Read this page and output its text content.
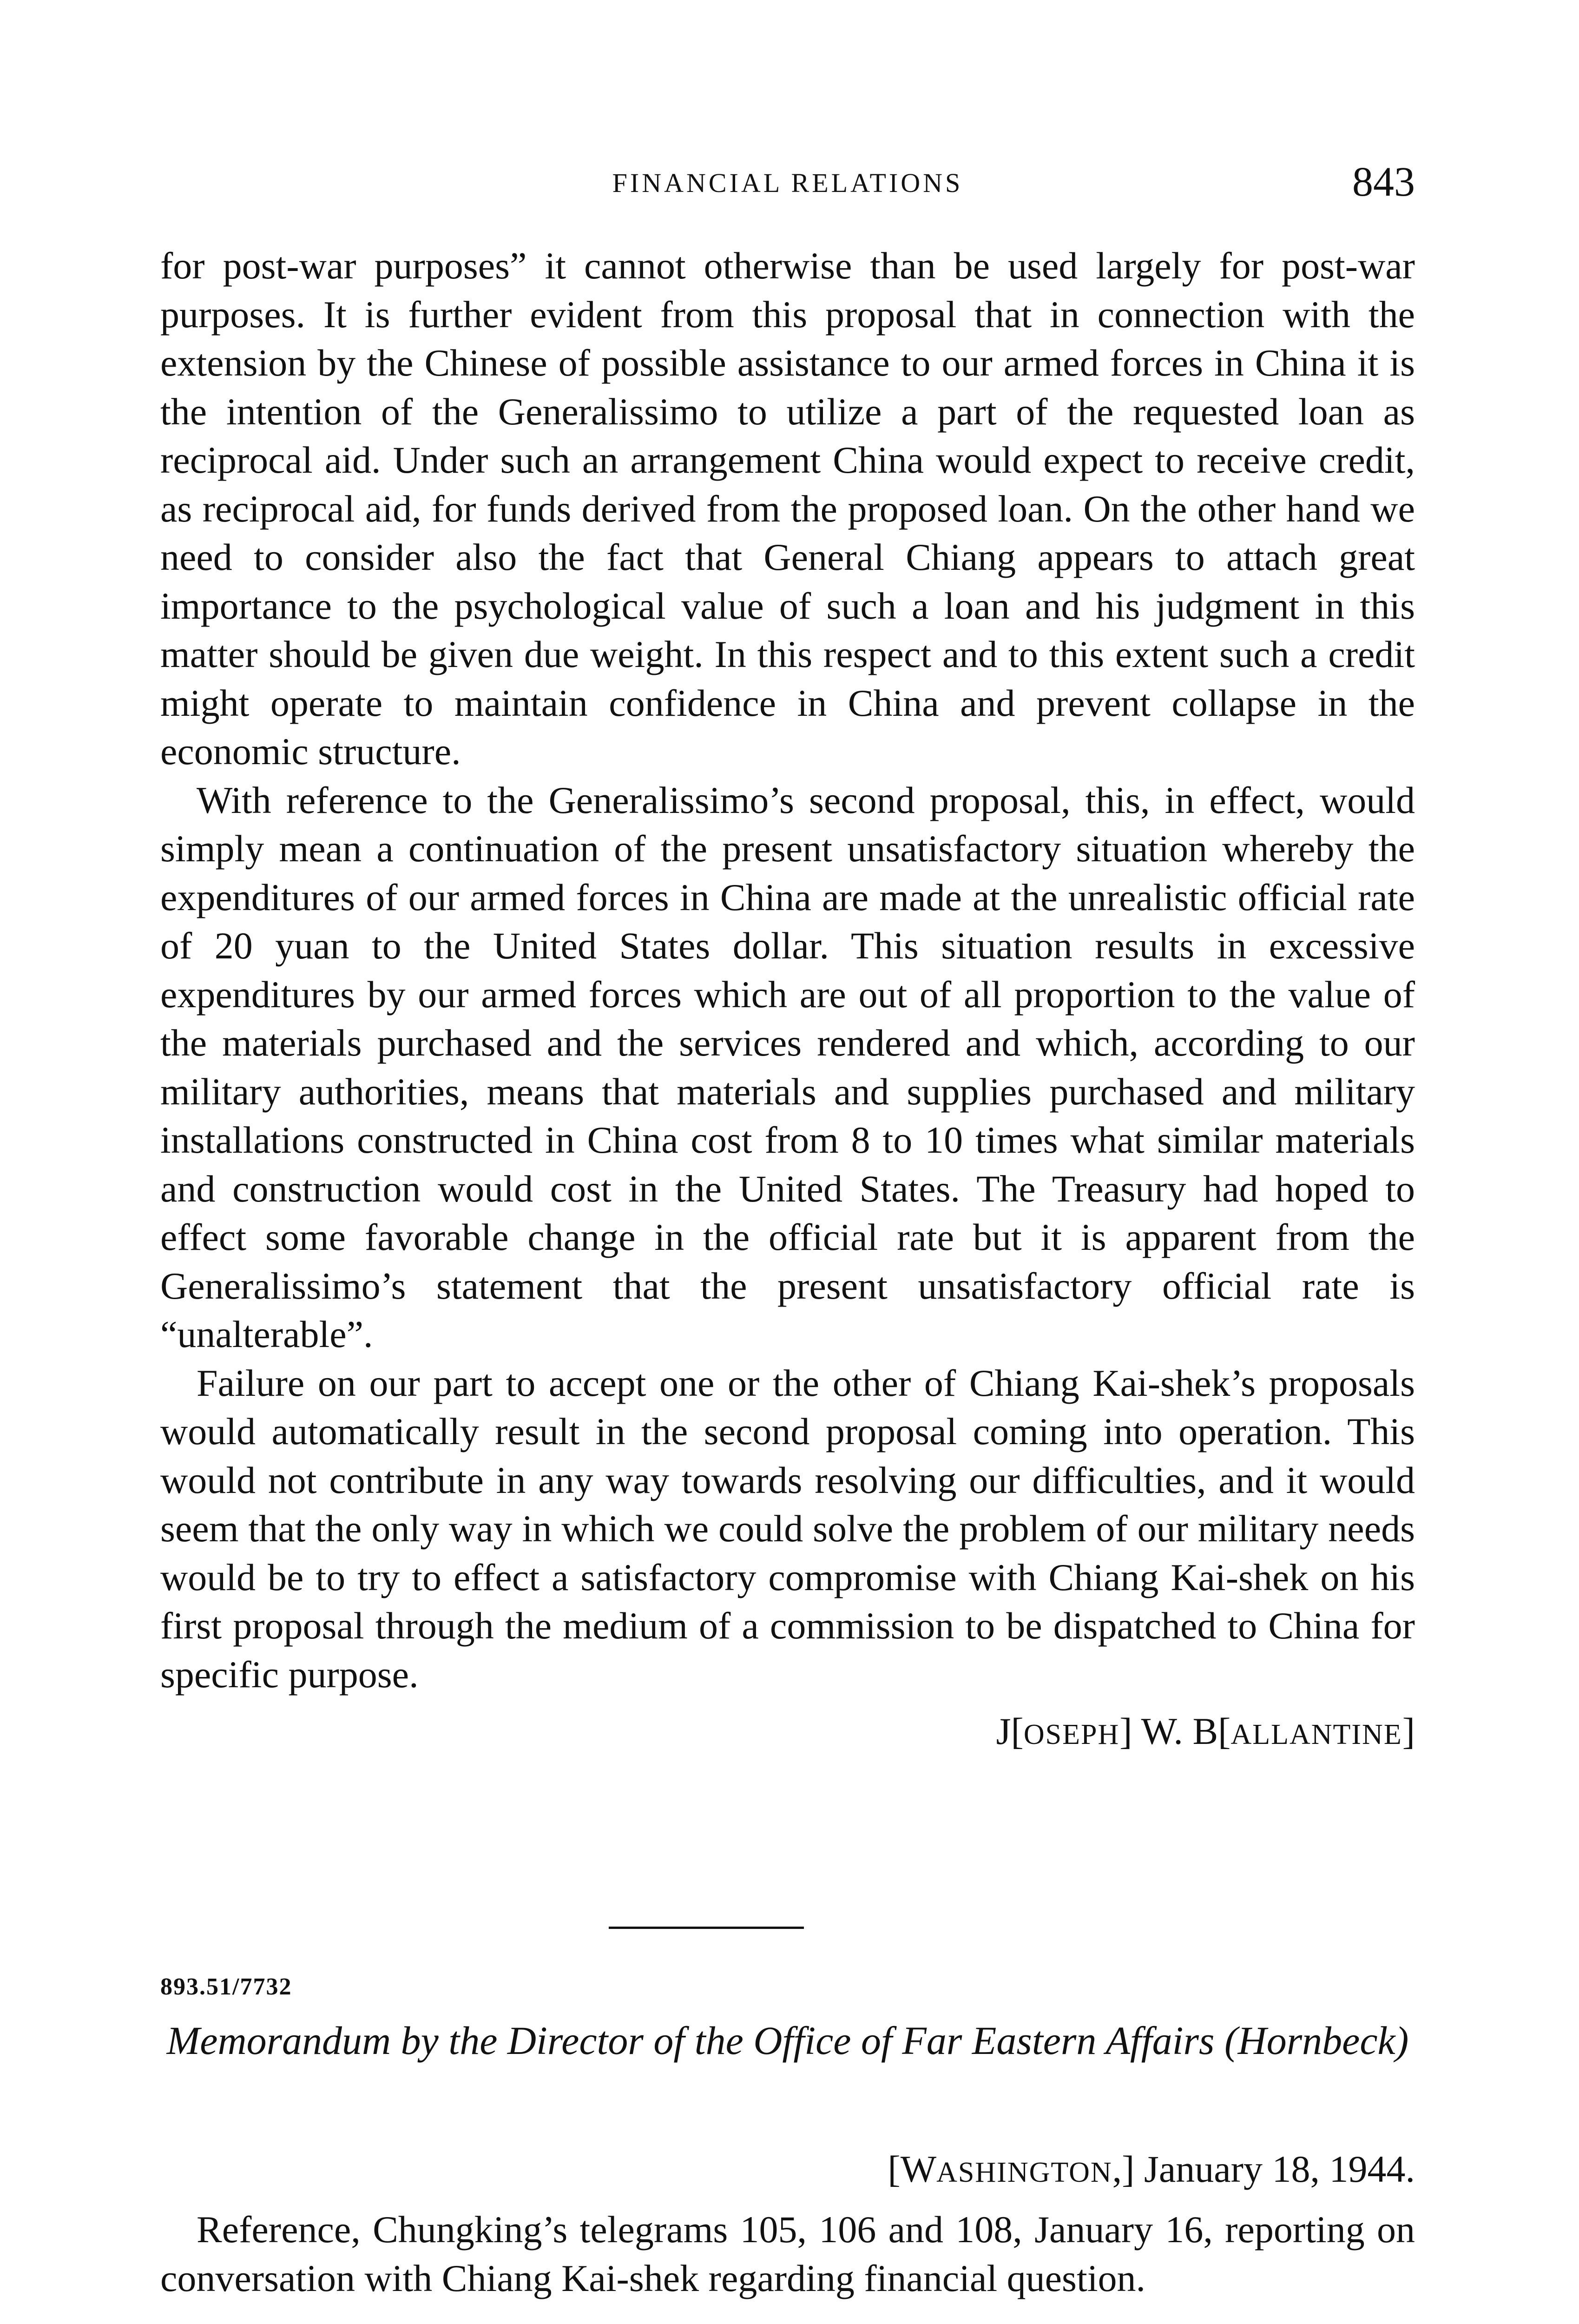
FINANCIAL RELATIONS	843

for post-war purposes” it cannot otherwise than be used largely for post-war purposes. It is further evident from this proposal that in connection with the extension by the Chinese of possible assistance to our armed forces in China it is the intention of the Generalissimo to utilize a part of the requested loan as reciprocal aid. Under such an arrangement China would expect to receive credit, as reciprocal aid, for funds derived from the proposed loan. On the other hand we need to consider also the fact that General Chiang appears to attach great importance to the psychological value of such a loan and his judgment in this matter should be given due weight. In this respect and to this extent such a credit might operate to maintain confidence in China and prevent collapse in the economic structure.

With reference to the Generalissimo’s second proposal, this, in effect, would simply mean a continuation of the present unsatisfactory situation whereby the expenditures of our armed forces in China are made at the unrealistic official rate of 20 yuan to the United States dollar. This situation results in excessive expenditures by our armed forces which are out of all proportion to the value of the materials purchased and the services rendered and which, according to our military authorities, means that materials and supplies purchased and military installations constructed in China cost from 8 to 10 times what similar materials and construction would cost in the United States. The Treasury had hoped to effect some favorable change in the official rate but it is apparent from the Generalissimo’s statement that the present unsatisfactory official rate is “unalterable”.

Failure on our part to accept one or the other of Chiang Kai-shek’s proposals would automatically result in the second proposal coming into operation. This would not contribute in any way towards resolving our difficulties, and it would seem that the only way in which we could solve the problem of our military needs would be to try to effect a satisfactory compromise with Chiang Kai-shek on his first proposal through the medium of a commission to be dispatched to China for specific purpose.

J[OSEPH] W. B[ALLANTINE]
893.51/7732
Memorandum by the Director of the Office of Far Eastern Affairs (Hornbeck)
[WASHINGTON,] January 18, 1944.
Reference, Chungking’s telegrams 105, 106 and 108, January 16, reporting on conversation with Chiang Kai-shek regarding financial question.
